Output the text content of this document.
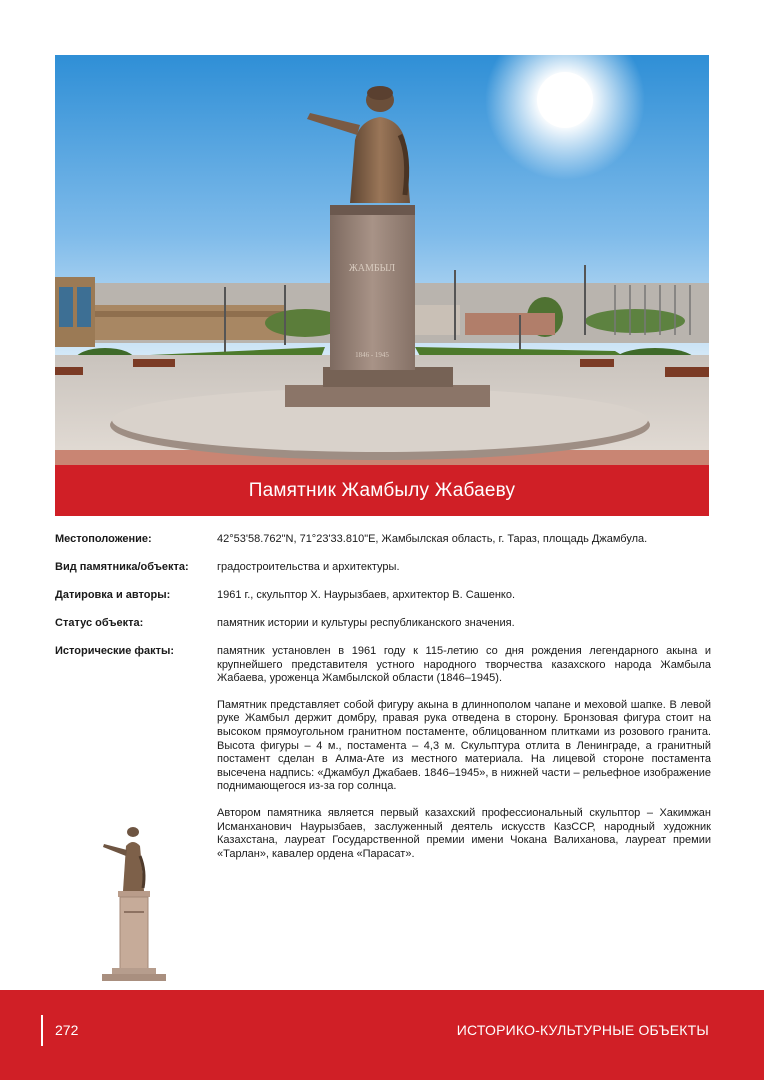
ЖАМБЫЛ
1846 - 1945
Памятник Жамбылу Жабаеву
Местоположение:	42°53'58.762"N, 71°23'33.810"E, Жамбылская область, г. Тараз, площадь Джамбула.
Вид памятника/объекта:	градостроительства и архитектуры.
Датировка и авторы:	1961 г., скульптор Х. Наурызбаев, архитектор В. Сашенко.
Статус объекта:	памятник истории и культуры республиканского значения.
Исторические факты:	памятник установлен в 1961 году к 115-летию со дня рождения легендарного акына и крупнейшего представителя устного народного творчества казахского народа Жамбыла Жабаева, уроженца Жамбылской области (1846–1945).

Памятник представляет собой фигуру акына в длиннополом чапане и меховой шапке. В левой руке Жамбыл держит домбру, правая рука отведена в сторону. Бронзовая фигура стоит на высоком прямоугольном гранитном постаменте, облицованном плитками из розового гранита. Высота фигуры – 4 м., постамента – 4,3 м. Скульптура отлита в Ленинграде, а гранитный постамент сделан в Алма-Ате из местного материала. На лицевой стороне постамента высечена надпись: «Джамбул Джабаев. 1846–1945», в нижней части – рельефное изображение поднимающегося из-за гор солнца.

Автором памятника является первый казахский профессиональный скульптор – Хакимжан Исманханович Наурызбаев, заслуженный деятель искусств КазССР, народный художник Казахстана, лауреат Государственной премии имени Чокана Валиханова, лауреат премии «Тарлан», кавалер ордена «Парасат».

272	ИСТОРИКО-КУЛЬТУРНЫЕ ОБЪЕКТЫ
